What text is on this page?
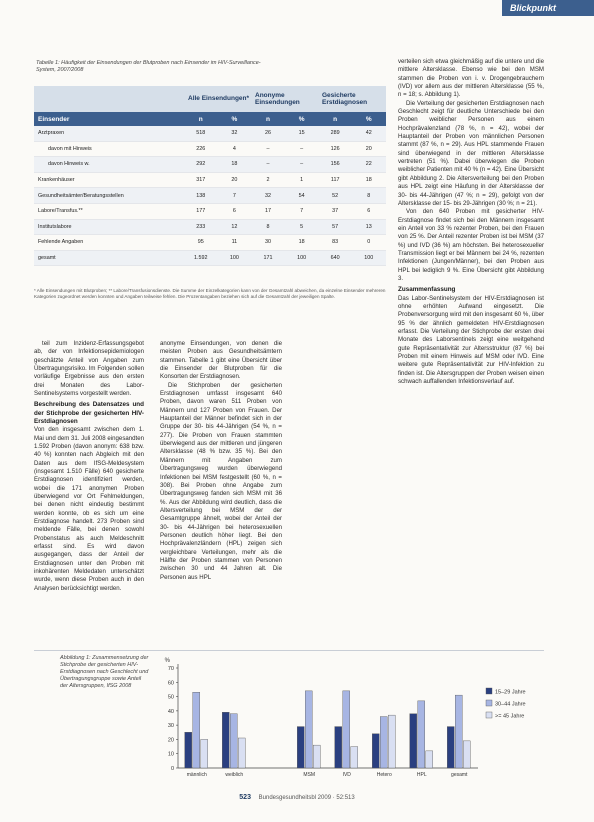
Blickpunkt
Tabelle 1: Häufigkeit der Einsendungen der Blutproben nach Einsender im HIV-Surveillance-System, 2007/2008
Alle Einsendungen*
Anonyme Einsendungen
Gesicherte Erstdiagnosen
Einsender	n	%	n	%	n	%
Arztpraxen	518	32	26	15	289	42
davon mit Hinweis	226	4	–	–	126	20
davon Hinweis w.	292	18	–	–	156	22
Krankenhäuser	317	20	2	1	117	18
Gesundheitsämter/Beratungsstellen	138	7	32	54	52	8
Labore/Transfus.**	177	6	17	7	37	6
Institutslabore	233	12	8	5	57	13
Fehlende Angaben	95	11	30	18	83	0
gesamt	1.592	100	171	100	640	100
* Alle Einsendungen mit Blutproben; ** Labore/Transfusionsdienste. Die Summe der Einzelkategorien kann von der Gesamtzahl abweichen, da einzelne Einsender mehreren Kategorien zugeordnet werden konnten und Angaben teilweise fehlen. Die Prozentangaben beziehen sich auf die Gesamtzahl der jeweiligen Spalte.

teil zum Inzidenz-Erfassungsgebot ab, der von Infektionsepidemiologen geschätzte Anteil von Angaben zum Übertragungsrisiko. Im Folgenden sollen vorläufige Ergebnisse aus den ersten drei Monaten des Labor-Sentinelsystems vorgestellt werden.

Beschreibung des Datensatzes und der Stichprobe der gesicherten HIV-Erstdiagnosen

Von den insgesamt zwischen dem 1. Mai und dem 31. Juli 2008 eingesandten 1.592 Proben (davon anonym: 638 bzw. 40 %) konnten nach Abgleich mit den Daten aus dem IfSG-Meldesystem (insgesamt 1.510 Fälle) 640 gesicherte Erstdiagnosen identifiziert werden, wobei die 171 anonymen Proben überwiegend vor Ort Fehlmeldungen, bei denen nicht eindeutig bestimmt werden konnte, ob es sich um eine Erstdiagnose handelt. 273 Proben sind meldende Fälle, bei denen sowohl Probenstatus als auch Meldeschnitt erfasst sind. Es wird davon ausgegangen, dass der Anteil der Erstdiagnosen unter den Proben mit inkohärenten Meldedaten unterschätzt wurde, wenn diese Proben auch in den Analysen berücksichtigt werden.

anonyme Einsendungen, von denen die meisten Proben aus Gesundheitsämtern stammen. Tabelle 1 gibt eine Übersicht über die Einsender der Blutproben für die Konsorten der Erstdiagnosen.

Die Stichproben der gesicherten Erstdiagnosen umfasst insgesamt 640 Proben, davon waren 511 Proben von Männern und 127 Proben von Frauen. Der Hauptanteil der Männer befindet sich in der Gruppe der 30- bis 44-Jährigen (54 %, n = 277). Die Proben von Frauen stammten überwiegend aus der mittleren und jüngeren Altersklasse (48 % bzw. 35 %). Bei den Männern mit Angaben zum Übertragungsweg wurden überwiegend Infektionen bei MSM festgestellt (60 %, n = 308). Bei Proben ohne Angabe zum Übertragungsweg fanden sich MSM mit 36 %. Aus der Abbildung wird deutlich, dass die Altersverteilung bei MSM der der Gesamtgruppe ähnelt, wobei der Anteil der 30- bis 44-Jährigen bei heterosexuellen Personen deutlich höher liegt. Bei den Hochprävalenzländern (HPL) zeigen sich vergleichbare Verteilungen, mehr als die Hälfte der Proben stammen von Personen zwischen 30 und 44 Jahren alt. Die Personen aus HPL

verteilen sich etwa gleichmäßig auf die untere und die mittlere Altersklasse. Ebenso wie bei den MSM stammen die Proben von i. v. Drogengebrauchern (IVD) vor allem aus der mittleren Altersklasse (55 %, n = 18; s. Abbildung 1).

Die Verteilung der gesicherten Erstdiagnosen nach Geschlecht zeigt für deutliche Unterschiede bei den Proben weiblicher Personen aus einem Hochprävalenzland (78 %, n = 42), wobei der Hauptanteil der Proben von männlichen Personen stammt (87 %, n = 29). Aus HPL stammende Frauen sind überwiegend in der mittleren Altersklasse vertreten (51 %). Dabei überwiegen die Proben weiblicher Patienten mit 40 % (n = 42). Eine Übersicht gibt Abbildung 2. Die Altersverteilung bei den Proben aus HPL zeigt eine Häufung in der Altersklasse der 30- bis 44-Jährigen (47 %; n = 29), gefolgt von der Altersklasse der 15- bis 29-Jährigen (30 %; n = 21).

Von den 640 Proben mit gesicherter HIV-Erstdiagnose findet sich bei den Männern insgesamt ein Anteil von 33 % rezenter Proben, bei den Frauen von 25 %. Der Anteil rezenter Proben ist bei MSM (37 %) und IVD (36 %) am höchsten. Bei heterosexueller Transmission liegt er bei Männern bei 24 %, rezenten Infektionen (Jungen/Männer), bei den Proben aus HPL bei lediglich 9 %. Eine Übersicht gibt Abbildung 3.

Zusammenfassung

Das Labor-Sentinelsystem der HIV-Erstdiagnosen ist ohne erhöhten Aufwand eingesetzt. Die Probenversorgung wird mit den insgesamt 60 %, über 95 % der ähnlich gemeldeten HIV-Erstdiagnosen erfasst. Die Verteilung der Stichprobe der ersten drei Monate des Laborsentinels zeigt eine weitgehend gute Repräsentativität zur Altersstruktur (87 %) bei Proben mit einem Hinweis auf MSM oder IVD. Eine weitere gute Repräsentativität zur HIV-Infektion zu finden ist. Die Altersgruppen der Proben weisen einen schwach auffallenden Infektionsverlauf auf.

Abbildung 1: Zusammensetzung der Stichprobe der gesicherten HIV-Erstdiagnosen nach Geschlecht und Übertragungsgruppe sowie Anteil der Altersgruppen, IfSG 2008
%
0
10
20
30
40
50
60
70
männlich	weiblich	MSM	IVD	Hetero	HPL	gesamt
15–29 Jahre
30–44 Jahre
>= 45 Jahre
523 Bundesgesundheitsbl 2009 · 52:513
